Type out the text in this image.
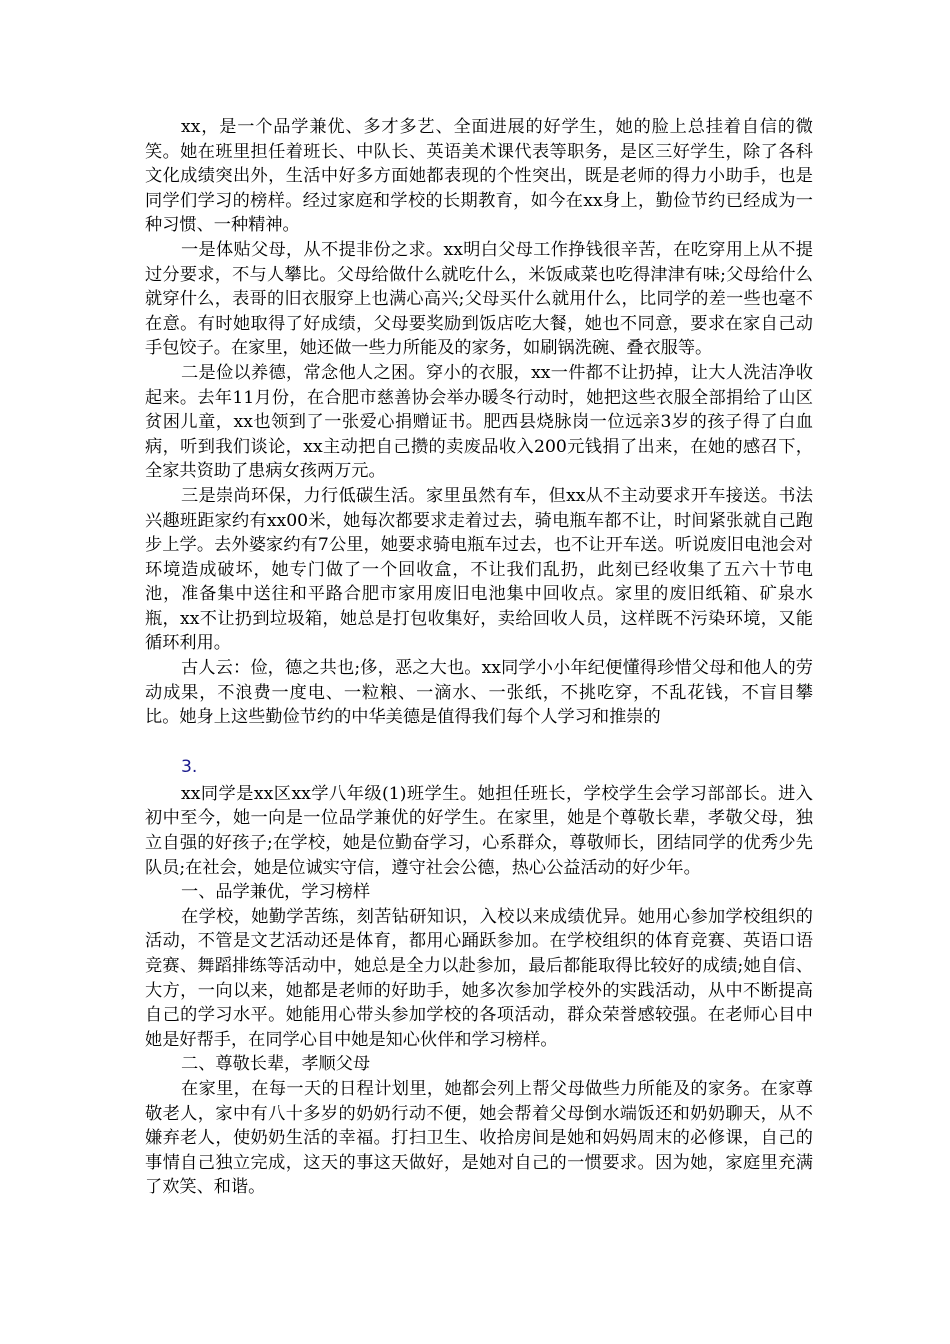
xx，是一个品学兼优、多才多艺、全面进展的好学生，她的脸上总挂着自信的微笑。她在班里担任着班长、中队长、英语美术课代表等职务，是区三好学生，除了各科文化成绩突出外，生活中好多方面她都表现的个性突出，既是老师的得力小助手，也是同学们学习的榜样。经过家庭和学校的长期教育，如今在xx身上，勤俭节约已经成为一种习惯、一种精神。

一是体贴父母，从不提非份之求。xx明白父母工作挣钱很辛苦，在吃穿用上从不提过分要求，不与人攀比。父母给做什么就吃什么，米饭咸菜也吃得津津有味;父母给什么就穿什么，表哥的旧衣服穿上也满心高兴;父母买什么就用什么，比同学的差一些也毫不在意。有时她取得了好成绩，父母要奖励到饭店吃大餐，她也不同意，要求在家自己动手包饺子。在家里，她还做一些力所能及的家务，如刷锅洗碗、叠衣服等。

二是俭以养德，常念他人之困。穿小的衣服，xx一件都不让扔掉，让大人洗洁净收起来。去年11月份，在合肥市慈善协会举办暖冬行动时，她把这些衣服全部捐给了山区贫困儿童，xx也领到了一张爱心捐赠证书。肥西县烧脉岗一位远亲3岁的孩子得了白血病，听到我们谈论，xx主动把自己攒的卖废品收入200元钱捐了出来，在她的感召下，全家共资助了患病女孩两万元。

三是崇尚环保，力行低碳生活。家里虽然有车，但xx从不主动要求开车接送。书法兴趣班距家约有xx00米，她每次都要求走着过去，骑电瓶车都不让，时间紧张就自己跑步上学。去外婆家约有7公里，她要求骑电瓶车过去，也不让开车送。听说废旧电池会对环境造成破坏，她专门做了一个回收盒，不让我们乱扔，此刻已经收集了五六十节电池，准备集中送往和平路合肥市家用废旧电池集中回收点。家里的废旧纸箱、矿泉水瓶，xx不让扔到垃圾箱，她总是打包收集好，卖给回收人员，这样既不污染环境，又能循环利用。

古人云：俭，德之共也;侈，恶之大也。xx同学小小年纪便懂得珍惜父母和他人的劳动成果，不浪费一度电、一粒粮、一滴水、一张纸，不挑吃穿，不乱花钱，不盲目攀比。她身上这些勤俭节约的中华美德是值得我们每个人学习和推崇的

3.

xx同学是xx区xx学八年级(1)班学生。她担任班长，学校学生会学习部部长。进入初中至今，她一向是一位品学兼优的好学生。在家里，她是个尊敬长辈，孝敬父母，独立自强的好孩子;在学校，她是位勤奋学习，心系群众，尊敬师长，团结同学的优秀少先队员;在社会，她是位诚实守信，遵守社会公德，热心公益活动的好少年。

一、品学兼优，学习榜样

在学校，她勤学苦练，刻苦钻研知识，入校以来成绩优异。她用心参加学校组织的活动，不管是文艺活动还是体育，都用心踊跃参加。在学校组织的体育竞赛、英语口语竞赛、舞蹈排练等活动中，她总是全力以赴参加，最后都能取得比较好的成绩;她自信、大方，一向以来，她都是老师的好助手，她多次参加学校外的实践活动，从中不断提高自己的学习水平。她能用心带头参加学校的各项活动，群众荣誉感较强。在老师心目中她是好帮手，在同学心目中她是知心伙伴和学习榜样。

二、尊敬长辈，孝顺父母

在家里，在每一天的日程计划里，她都会列上帮父母做些力所能及的家务。在家尊敬老人，家中有八十多岁的奶奶行动不便，她会帮着父母倒水端饭还和奶奶聊天，从不嫌弃老人，使奶奶生活的幸福。打扫卫生、收拾房间是她和妈妈周末的必修课，自己的事情自己独立完成，这天的事这天做好，是她对自己的一惯要求。因为她，家庭里充满了欢笑、和谐。
